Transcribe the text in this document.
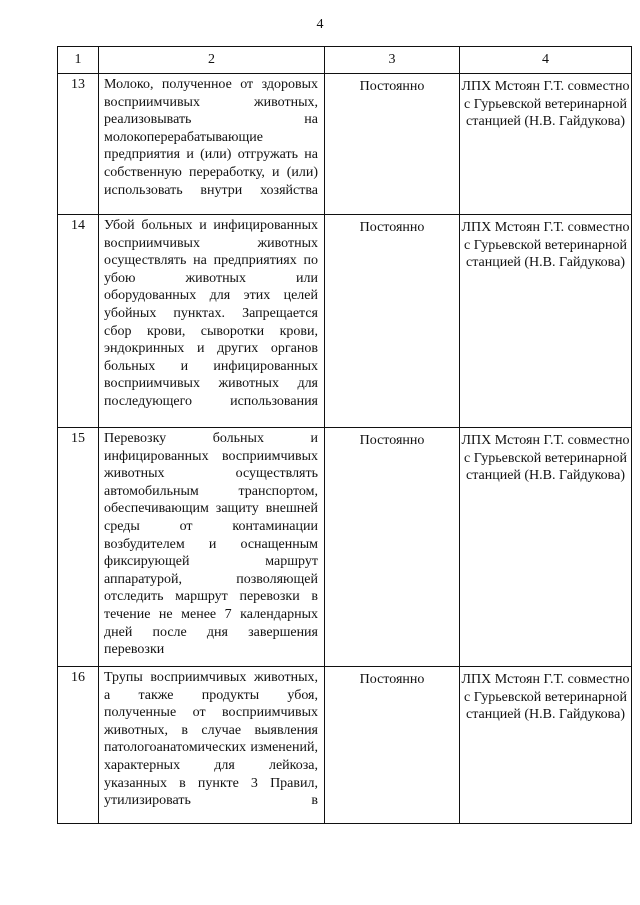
4
1	2	3	4

13	Молоко, полученное от здоровых восприимчивых животных, реализовывать на молокоперерабатывающие предприятия и (или) отгружать на собственную переработку, и (или) использовать внутри хозяйства	Постоянно	ЛПХ Мстоян Г.Т. совместно с Гурьевской ветеринарной станцией (Н.В. Гайдукова)

14	Убой больных и инфицированных восприимчивых животных осуществлять на предприятиях по убою животных или оборудованных для этих целей убойных пунктах. Запрещается сбор крови, сыворотки крови, эндокринных и других органов больных и инфицированных восприимчивых животных для последующего использования	Постоянно	ЛПХ Мстоян Г.Т. совместно с Гурьевской ветеринарной станцией (Н.В. Гайдукова)

15	Перевозку больных и инфицированных восприимчивых животных осуществлять автомобильным транспортом, обеспечивающим защиту внешней среды от контаминации возбудителем и оснащенным фиксирующей маршрут аппаратурой, позволяющей отследить маршрут перевозки в течение не менее 7 календарных дней после дня завершения перевозки	Постоянно	ЛПХ Мстоян Г.Т. совместно с Гурьевской ветеринарной станцией (Н.В. Гайдукова)

16	Трупы восприимчивых животных, а также продукты убоя, полученные от восприимчивых животных, в случае выявления патологоанатомических изменений, характерных для лейкоза, указанных в пункте 3 Правил, утилизировать в	Постоянно	ЛПХ Мстоян Г.Т. совместно с Гурьевской ветеринарной станцией (Н.В. Гайдукова)
